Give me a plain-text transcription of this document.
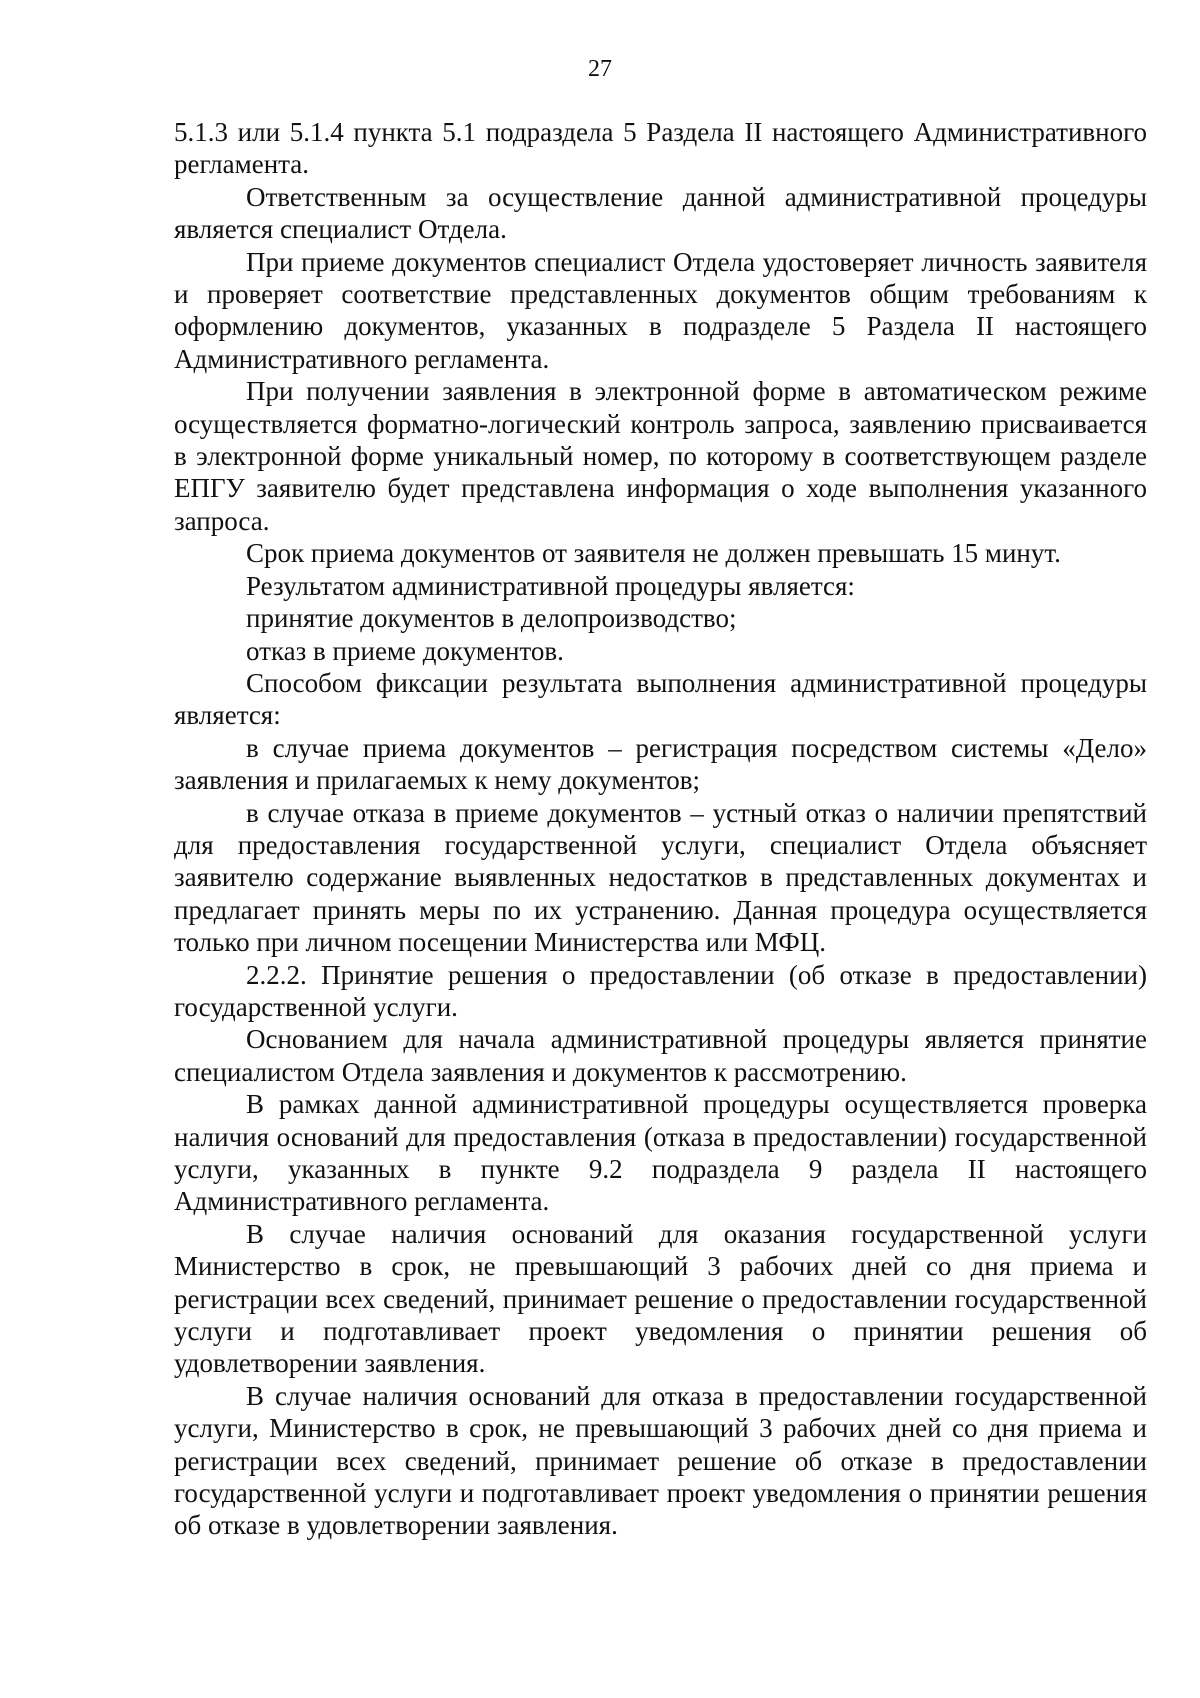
27

5.1.3 или 5.1.4 пункта 5.1 подраздела 5 Раздела II настоящего Административного регламента.

Ответственным за осуществление данной административной процедуры является специалист Отдела.

При приеме документов специалист Отдела удостоверяет личность заявителя и проверяет соответствие представленных документов общим требованиям к оформлению документов, указанных в подразделе 5 Раздела II настоящего Административного регламента.

При получении заявления в электронной форме в автоматическом режиме осуществляется форматно-логический контроль запроса, заявлению присваивается в электронной форме уникальный номер, по которому в соответствующем разделе ЕПГУ заявителю будет представлена информация о ходе выполнения указанного запроса.

Срок приема документов от заявителя не должен превышать 15 минут.

Результатом административной процедуры является:

принятие документов в делопроизводство;

отказ в приеме документов.

Способом фиксации результата выполнения административной процедуры является:

в случае приема документов – регистрация посредством системы «Дело» заявления и прилагаемых к нему документов;

в случае отказа в приеме документов – устный отказ о наличии препятствий для предоставления государственной услуги, специалист Отдела объясняет заявителю содержание выявленных недостатков в представленных документах и предлагает принять меры по их устранению. Данная процедура осуществляется только при личном посещении Министерства или МФЦ.

2.2.2. Принятие решения о предоставлении (об отказе в предоставлении) государственной услуги.

Основанием для начала административной процедуры является принятие специалистом Отдела заявления и документов к рассмотрению.

В рамках данной административной процедуры осуществляется проверка наличия оснований для предоставления (отказа в предоставлении) государственной услуги, указанных в пункте 9.2 подраздела 9 раздела II настоящего Административного регламента.

В случае наличия оснований для оказания государственной услуги Министерство в срок, не превышающий 3 рабочих дней со дня приема и регистрации всех сведений, принимает решение о предоставлении государственной услуги и подготавливает проект уведомления о принятии решения об удовлетворении заявления.

В случае наличия оснований для отказа в предоставлении государственной услуги, Министерство в срок, не превышающий 3 рабочих дней со дня приема и регистрации всех сведений, принимает решение об отказе в предоставлении государственной услуги и подготавливает проект уведомления о принятии решения об отказе в удовлетворении заявления.
